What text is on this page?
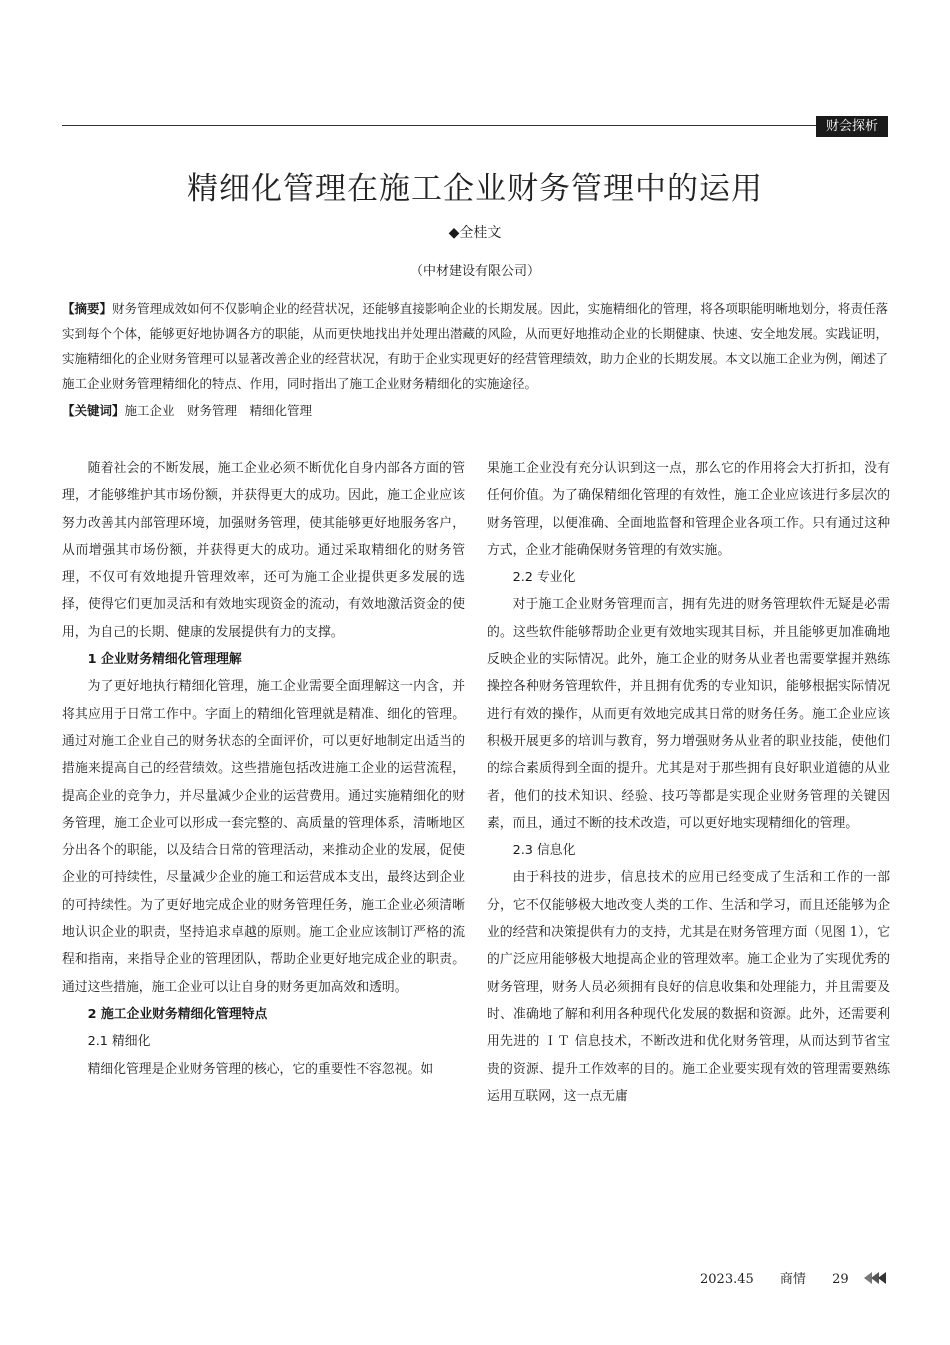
财会探析
精细化管理在施工企业财务管理中的运用
◆全桂文
（中材建设有限公司）
【摘要】财务管理成效如何不仅影响企业的经营状况，还能够直接影响企业的长期发展。因此，实施精细化的管理，将各项职能明晰地划分，将责任落实到每个个体，能够更好地协调各方的职能，从而更快地找出并处理出潜藏的风险，从而更好地推动企业的长期健康、快速、安全地发展。实践证明，实施精细化的企业财务管理可以显著改善企业的经营状况，有助于企业实现更好的经营管理绩效，助力企业的长期发展。本文以施工企业为例，阐述了施工企业财务管理精细化的特点、作用，同时指出了施工企业财务精细化的实施途径。
【关键词】施工企业　财务管理　精细化管理

随着社会的不断发展，施工企业必须不断优化自身内部各方面的管理，才能够维护其市场份额，并获得更大的成功。因此，施工企业应该努力改善其内部管理环境，加强财务管理，使其能够更好地服务客户，从而增强其市场份额，并获得更大的成功。通过采取精细化的财务管理，不仅可有效地提升管理效率，还可为施工企业提供更多发展的选择，使得它们更加灵活和有效地实现资金的流动，有效地激活资金的使用，为自己的长期、健康的发展提供有力的支撑。

1 企业财务精细化管理理解

为了更好地执行精细化管理，施工企业需要全面理解这一内含，并将其应用于日常工作中。字面上的精细化管理就是精准、细化的管理。通过对施工企业自己的财务状态的全面评价，可以更好地制定出适当的措施来提高自己的经营绩效。这些措施包括改进施工企业的运营流程，提高企业的竞争力，并尽量减少企业的运营费用。通过实施精细化的财务管理，施工企业可以形成一套完整的、高质量的管理体系，清晰地区分出各个的职能，以及结合日常的管理活动，来推动企业的发展，促使企业的可持续性，尽量减少企业的施工和运营成本支出，最终达到企业的可持续性。为了更好地完成企业的财务管理任务，施工企业必须清晰地认识企业的职责，坚持追求卓越的原则。施工企业应该制订严格的流程和指南，来指导企业的管理团队，帮助企业更好地完成企业的职责。通过这些措施，施工企业可以让自身的财务更加高效和透明。

2 施工企业财务精细化管理特点
2.1 精细化

精细化管理是企业财务管理的核心，它的重要性不容忽视。如

果施工企业没有充分认识到这一点，那么它的作用将会大打折扣，没有任何价值。为了确保精细化管理的有效性，施工企业应该进行多层次的财务管理，以便准确、全面地监督和管理企业各项工作。只有通过这种方式，企业才能确保财务管理的有效实施。

2.2 专业化

对于施工企业财务管理而言，拥有先进的财务管理软件无疑是必需的。这些软件能够帮助企业更有效地实现其目标，并且能够更加准确地反映企业的实际情况。此外，施工企业的财务从业者也需要掌握并熟练操控各种财务管理软件，并且拥有优秀的专业知识，能够根据实际情况进行有效的操作，从而更有效地完成其日常的财务任务。施工企业应该积极开展更多的培训与教育，努力增强财务从业者的职业技能，使他们的综合素质得到全面的提升。尤其是对于那些拥有良好职业道德的从业者，他们的技术知识、经验、技巧等都是实现企业财务管理的关键因素，而且，通过不断的技术改造，可以更好地实现精细化的管理。

2.3 信息化

由于科技的进步，信息技术的应用已经变成了生活和工作的一部分，它不仅能够极大地改变人类的工作、生活和学习，而且还能够为企业的经营和决策提供有力的支持，尤其是在财务管理方面（见图 1），它的广泛应用能够极大地提高企业的管理效率。施工企业为了实现优秀的财务管理，财务人员必须拥有良好的信息收集和处理能力，并且需要及时、准确地了解和利用各种现代化发展的数据和资源。此外，还需要利用先进的 ＩＴ 信息技术，不断改进和优化财务管理，从而达到节省宝贵的资源、提升工作效率的目的。施工企业要实现有效的管理需要熟练运用互联网，这一点无庸

2023.45 商情 29
